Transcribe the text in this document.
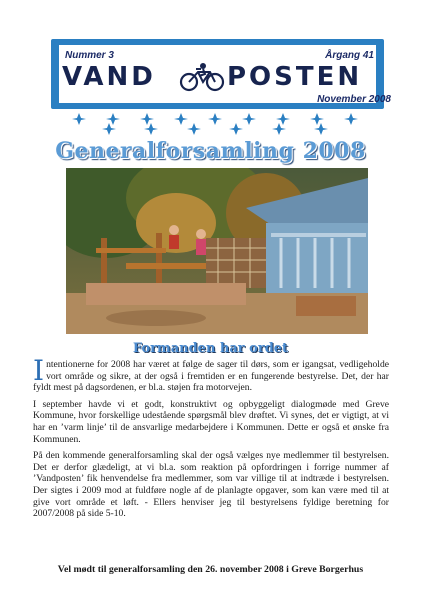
Nummer 3	Årgang 41
VAND	POSTEN
November 2008
Generalforsamling 2008
Formanden har ordet

Intentionerne for 2008 har været at følge de sager til dørs, som er igangsat, vedligeholde vort område og sikre, at der også i fremtiden er en fungerende bestyrelse. Det, der har fyldt mest på dagsordenen, er bl.a. støjen fra motorvejen.

I september havde vi et godt, konstruktivt og opbyggeligt dialogmøde med Greve Kommune, hvor forskellige udestående spørgsmål blev drøftet. Vi synes, det er vigtigt, at vi har en ’varm linje’ til de ansvarlige medarbejdere i Kommunen. Dette er også et ønske fra Kommunen.

På den kommende generalforsamling skal der også vælges nye medlemmer til bestyrelsen. Det er derfor glædeligt, at vi bl.a. som reaktion på opfordringen i forrige nummer af ’Vandposten’ fik henvendelse fra medlemmer, som var villige til at indtræde i bestyrelsen. Der sigtes i 2009 mod at fuldføre nogle af de planlagte opgaver, som kan være med til at give vort område et løft. - Ellers henviser jeg til bestyrelsens fyldige beretning for 2007/2008 på side 5-10.

Vel mødt til generalforsamling den 26. november 2008 i Greve Borgerhus
